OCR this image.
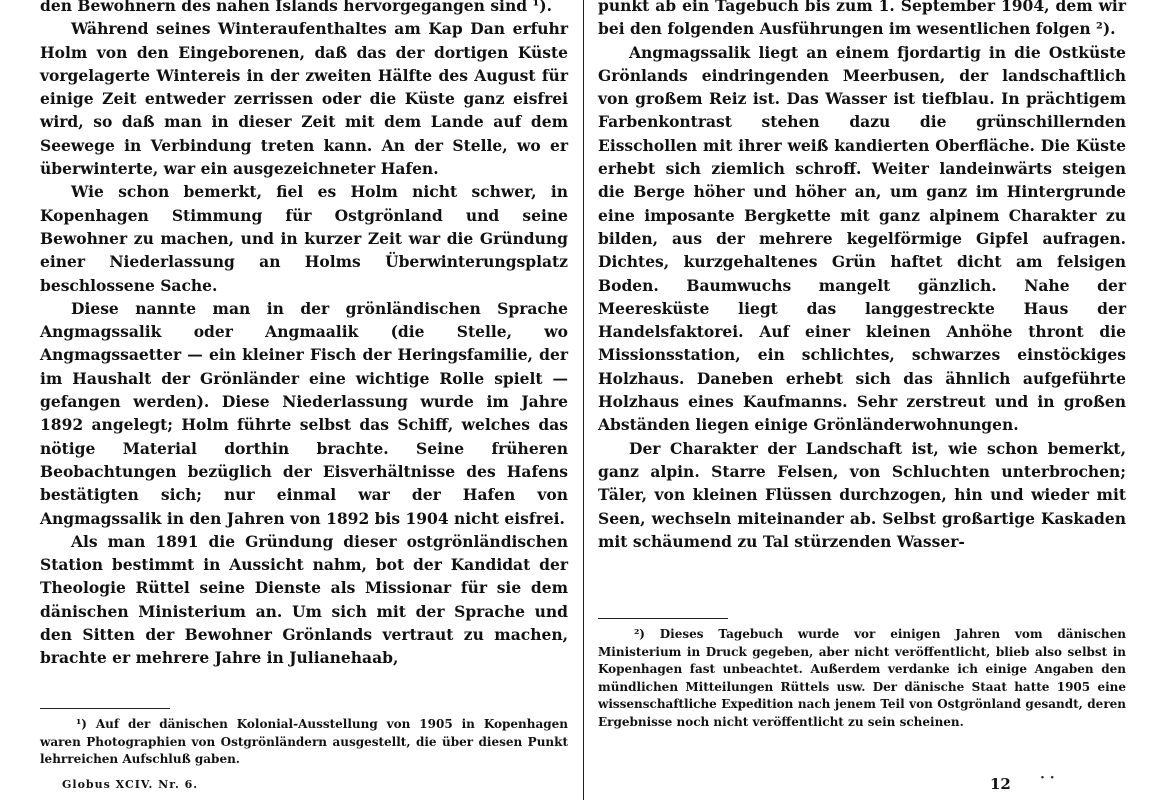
den Bewohnern des nahen Islands hervorgegangen sind ¹).

Während seines Winteraufenthaltes am Kap Dan erfuhr Holm von den Eingeborenen, daß das der dortigen Küste vorgelagerte Wintereis in der zweiten Hälfte des August für einige Zeit entweder zerrissen oder die Küste ganz eisfrei wird, so daß man in dieser Zeit mit dem Lande auf dem Seewege in Verbindung treten kann. An der Stelle, wo er überwinterte, war ein ausgezeichneter Hafen.

Wie schon bemerkt, fiel es Holm nicht schwer, in Kopenhagen Stimmung für Ostgrönland und seine Bewohner zu machen, und in kurzer Zeit war die Gründung einer Niederlassung an Holms Überwinterungsplatz beschlossene Sache.

Diese nannte man in der grönländischen Sprache Angmagssalik oder Angmaalik (die Stelle, wo Angmagssaetter — ein kleiner Fisch der Heringsfamilie, der im Haushalt der Grönländer eine wichtige Rolle spielt — gefangen werden). Diese Niederlassung wurde im Jahre 1892 angelegt; Holm führte selbst das Schiff, welches das nötige Material dorthin brachte. Seine früheren Beobachtungen bezüglich der Eisverhältnisse des Hafens bestätigten sich; nur einmal war der Hafen von Angmagssalik in den Jahren von 1892 bis 1904 nicht eisfrei.

Als man 1891 die Gründung dieser ostgrönländischen Station bestimmt in Aussicht nahm, bot der Kandidat der Theologie Rüttel seine Dienste als Missionar für sie dem dänischen Ministerium an. Um sich mit der Sprache und den Sitten der Bewohner Grönlands vertraut zu machen, brachte er mehrere Jahre in Julianehaab,

punkt ab ein Tagebuch bis zum 1. September 1904, dem wir bei den folgenden Ausführungen im wesentlichen folgen ²).

Angmagssalik liegt an einem fjordartig in die Ostküste Grönlands eindringenden Meerbusen, der landschaftlich von großem Reiz ist. Das Wasser ist tiefblau. In prächtigem Farbenkontrast stehen dazu die grünschillernden Eisschollen mit ihrer weiß kandierten Oberfläche. Die Küste erhebt sich ziemlich schroff. Weiter landeinwärts steigen die Berge höher und höher an, um ganz im Hintergrunde eine imposante Bergkette mit ganz alpinem Charakter zu bilden, aus der mehrere kegelförmige Gipfel aufragen. Dichtes, kurzgehaltenes Grün haftet dicht am felsigen Boden. Baumwuchs mangelt gänzlich. Nahe der Meeresküste liegt das langgestreckte Haus der Handelsfaktorei. Auf einer kleinen Anhöhe thront die Missionsstation, ein schlichtes, schwarzes einstöckiges Holzhaus. Daneben erhebt sich das ähnlich aufgeführte Holzhaus eines Kaufmanns. Sehr zerstreut und in großen Abständen liegen einige Grönländerwohnungen.

Der Charakter der Landschaft ist, wie schon bemerkt, ganz alpin. Starre Felsen, von Schluchten unterbrochen; Täler, von kleinen Flüssen durchzogen, hin und wieder mit Seen, wechseln miteinander ab. Selbst großartige Kaskaden mit schäumend zu Tal stürzenden Wasser-

¹) Auf der dänischen Kolonial-Ausstellung von 1905 in Kopenhagen waren Photographien von Ostgrönländern ausgestellt, die über diesen Punkt lehrreichen Aufschluß gaben.

²) Dieses Tagebuch wurde vor einigen Jahren vom dänischen Ministerium in Druck gegeben, aber nicht veröffentlicht, blieb also selbst in Kopenhagen fast unbeachtet. Außerdem verdanke ich einige Angaben den mündlichen Mitteilungen Rüttels usw. Der dänische Staat hatte 1905 eine wissenschaftliche Expedition nach jenem Teil von Ostgrönland gesandt, deren Ergebnisse noch nicht veröffentlicht zu sein scheinen.

Globus XCIV. Nr. 6.	12 · ·
